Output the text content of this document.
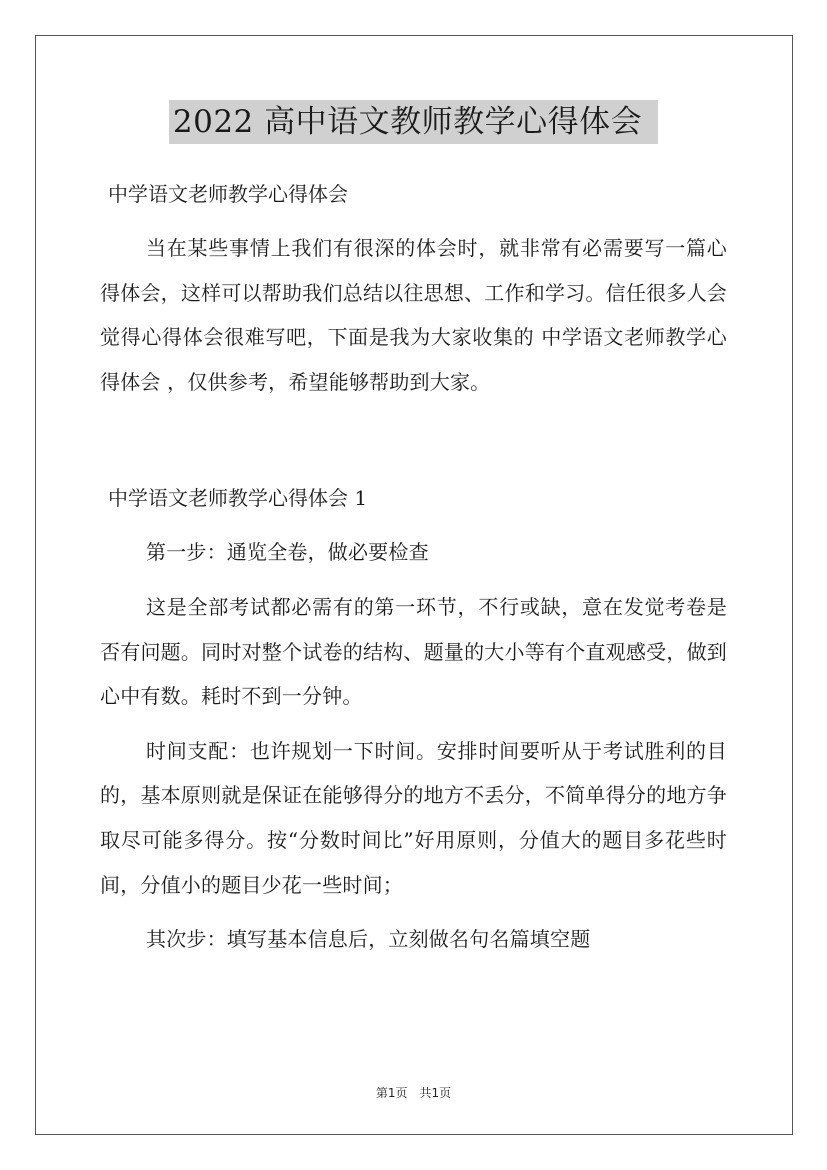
2022 高中语文教师教学心得体会
中学语文老师教学心得体会

当在某些事情上我们有很深的体会时，就非常有必需要写一篇心得体会，这样可以帮助我们总结以往思想、工作和学习。信任很多人会觉得心得体会很难写吧，下面是我为大家收集的 中学语文老师教学心得体会 ，仅供参考，希望能够帮助到大家。

中学语文老师教学心得体会 1

第一步：通览全卷，做必要检查

这是全部考试都必需有的第一环节，不行或缺，意在发觉考卷是否有问题。同时对整个试卷的结构、题量的大小等有个直观感受，做到心中有数。耗时不到一分钟。

时间支配：也许规划一下时间。安排时间要听从于考试胜利的目的，基本原则就是保证在能够得分的地方不丢分，不简单得分的地方争取尽可能多得分。按“分数时间比”好用原则，分值大的题目多花些时间，分值小的题目少花一些时间；

其次步：填写基本信息后，立刻做名句名篇填空题

第1页　共1页
